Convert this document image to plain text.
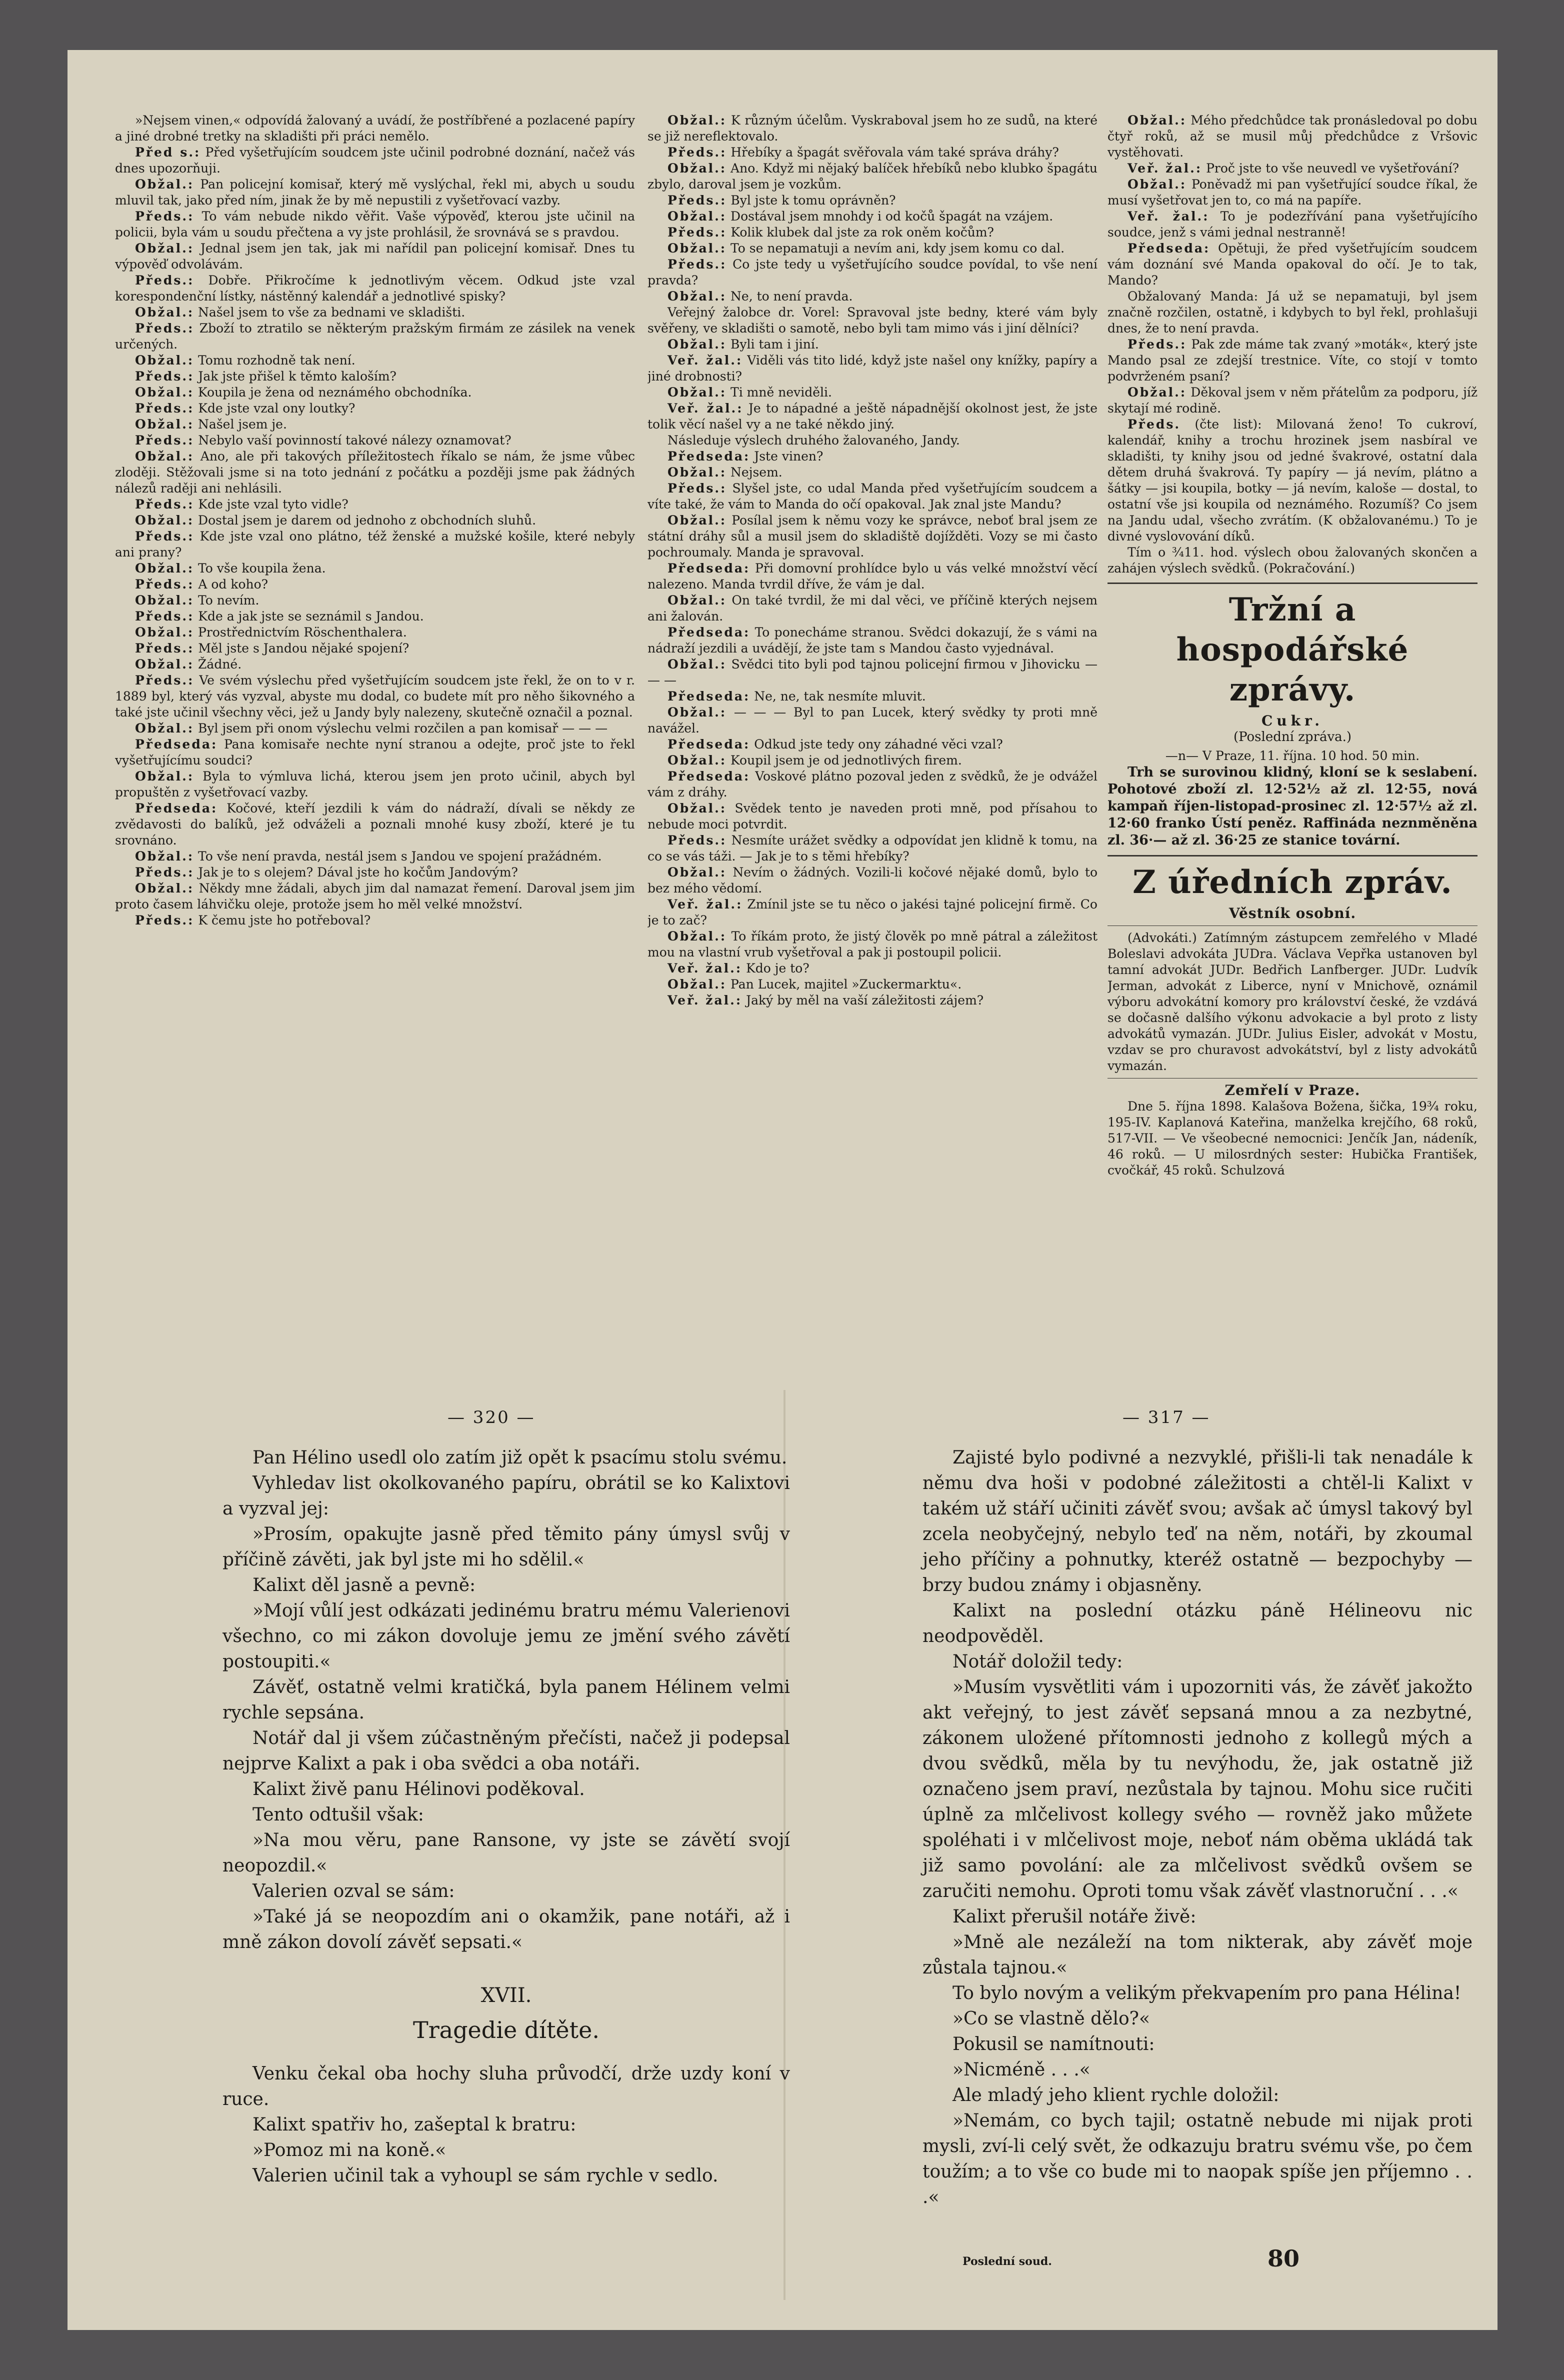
»Nejsem vinen,« odpovídá žalovaný a uvádí, že postříbřené a pozlacené papíry a jiné drobné tretky na skladišti při práci nemělo.

Před s.: Před vyšetřujícím soudcem jste učinil podrobné doznání, načež vás dnes upozorňuji.

Obžal.: Pan policejní komisař, který mě vyslýchal, řekl mi, abych u soudu mluvil tak, jako před ním, jinak že by mě nepustili z vyšetřovací vazby.

Předs.: To vám nebude nikdo věřit. Vaše výpověď, kterou jste učinil na policii, byla vám u soudu přečtena a vy jste prohlásil, že srovnává se s pravdou.

Obžal.: Jednal jsem jen tak, jak mi nařídil pan policejní komisař. Dnes tu výpověď odvolávám.

Předs.: Dobře. Přikročíme k jednotlivým věcem. Odkud jste vzal korespondenční lístky, nástěnný kalendář a jednotlivé spisky?

Obžal.: Našel jsem to vše za bednami ve skladišti.

Předs.: Zboží to ztratilo se některým pražským firmám ze zásilek na venek určených.

Obžal.: Tomu rozhodně tak není.

Předs.: Jak jste přišel k těmto kaloším?

Obžal.: Koupila je žena od neznámého obchodníka.

Předs.: Kde jste vzal ony loutky?

Obžal.: Našel jsem je.

Předs.: Nebylo vaší povinností takové nálezy oznamovat?

Obžal.: Ano, ale při takových příležitostech říkalo se nám, že jsme vůbec zloději. Stěžovali jsme si na toto jednání z počátku a později jsme pak žádných nálezů raději ani nehlásili.

Předs.: Kde jste vzal tyto vidle?

Obžal.: Dostal jsem je darem od jednoho z obchodních sluhů.

Předs.: Kde jste vzal ono plátno, též ženské a mužské košile, které nebyly ani prany?

Obžal.: To vše koupila žena.

Předs.: A od koho?

Obžal.: To nevím.

Předs.: Kde a jak jste se seznámil s Jandou.

Obžal.: Prostřednictvím Röschenthalera.

Předs.: Měl jste s Jandou nějaké spojení?

Obžal.: Žádné.

Předs.: Ve svém výslechu před vyšetřujícím soudcem jste řekl, že on to v r. 1889 byl, který vás vyzval, abyste mu dodal, co budete mít pro něho šikovného a také jste učinil všechny věci, jež u Jandy byly nalezeny, skutečně označil a poznal.

Obžal.: Byl jsem při onom výslechu velmi rozčilen a pan komisař — — —

Předseda: Pana komisaře nechte nyní stranou a odejte, proč jste to řekl vyšetřujícímu soudci?

Obžal.: Byla to výmluva lichá, kterou jsem jen proto učinil, abych byl propuštěn z vyšetřovací vazby.

Předseda: Kočové, kteří jezdili k vám do nádraží, dívali se někdy ze zvědavosti do balíků, jež odváželi a poznali mnohé kusy zboží, které je tu srovnáno.

Obžal.: To vše není pravda, nestál jsem s Jandou ve spojení pražádném.

Předs.: Jak je to s olejem? Dával jste ho kočům Jandovým?

Obžal.: Někdy mne žádali, abych jim dal namazat řemení. Daroval jsem jim proto časem láhvičku oleje, protože jsem ho měl velké množství.

Předs.: K čemu jste ho potřeboval?

Obžal.: K různým účelům. Vyskraboval jsem ho ze sudů, na které se již nereflektovalo.

Předs.: Hřebíky a špagát svěřovala vám také správa dráhy?

Obžal.: Ano. Když mi nějaký balíček hřebíků nebo klubko špagátu zbylo, daroval jsem je vozkům.

Předs.: Byl jste k tomu oprávněn?

Obžal.: Dostával jsem mnohdy i od kočů špagát na vzájem.

Předs.: Kolik klubek dal jste za rok oněm kočům?

Obžal.: To se nepamatuji a nevím ani, kdy jsem komu co dal.

Předs.: Co jste tedy u vyšetřujícího soudce povídal, to vše není pravda?

Obžal.: Ne, to není pravda.

Veřejný žalobce dr. Vorel: Spravoval jste bedny, které vám byly svěřeny, ve skladišti o samotě, nebo byli tam mimo vás i jiní dělníci?

Obžal.: Byli tam i jiní.

Veř. žal.: Viděli vás tito lidé, když jste našel ony knížky, papíry a jiné drobnosti?

Obžal.: Ti mně neviděli.

Veř. žal.: Je to nápadné a ještě nápadnější okolnost jest, že jste tolik věcí našel vy a ne také někdo jiný.

Následuje výslech druhého žalovaného, Jandy.

Předseda: Jste vinen?

Obžal.: Nejsem.

Předs.: Slyšel jste, co udal Manda před vyšetřujícím soudcem a víte také, že vám to Manda do očí opakoval. Jak znal jste Mandu?

Obžal.: Posílal jsem k němu vozy ke správce, neboť bral jsem ze státní dráhy sůl a musil jsem do skladiště dojížděti. Vozy se mi často pochroumaly. Manda je spravoval.

Předseda: Při domovní prohlídce bylo u vás velké množství věcí nalezeno. Manda tvrdil dříve, že vám je dal.

Obžal.: On také tvrdil, že mi dal věci, ve příčině kterých nejsem ani žalován.

Předseda: To ponecháme stranou. Svědci dokazují, že s vámi na nádraží jezdili a uvádějí, že jste tam s Mandou často vyjednával.

Obžal.: Svědci tito byli pod tajnou policejní firmou v Jihovicku — — —

Předseda: Ne, ne, tak nesmíte mluvit.

Obžal.: — — — Byl to pan Lucek, který svědky ty proti mně navážel.

Předseda: Odkud jste tedy ony záhadné věci vzal?

Obžal.: Koupil jsem je od jednotlivých firem.

Předseda: Voskové plátno pozoval jeden z svědků, že je odvážel vám z dráhy.

Obžal.: Svědek tento je naveden proti mně, pod přísahou to nebude moci potvrdit.

Předs.: Nesmíte urážet svědky a odpovídat jen klidně k tomu, na co se vás táži. — Jak je to s těmi hřebíky?

Obžal.: Nevím o žádných. Vozili-li kočové nějaké domů, bylo to bez mého vědomí.

Veř. žal.: Zmínil jste se tu něco o jakési tajné policejní firmě. Co je to zač?

Obžal.: To říkám proto, že jistý člověk po mně pátral a záležitost mou na vlastní vrub vyšetřoval a pak ji postoupil policii.

Veř. žal.: Kdo je to?

Obžal.: Pan Lucek, majitel »Zuckermarktu«.

Veř. žal.: Jaký by měl na vaší záležitosti zájem?

Obžal.: Mého předchůdce tak pronásledoval po dobu čtyř roků, až se musil můj předchůdce z Vršovic vystěhovati.

Veř. žal.: Proč jste to vše neuvedl ve vyšetřování?

Obžal.: Poněvadž mi pan vyšetřující soudce říkal, že musí vyšetřovat jen to, co má na papíře.

Veř. žal.: To je podezřívání pana vyšetřujícího soudce, jenž s vámi jednal nestranně!

Předseda: Opětuji, že před vyšetřujícím soudcem vám doznání své Manda opakoval do očí. Je to tak, Mando?

Obžalovaný Manda: Já už se nepamatuji, byl jsem značně rozčilen, ostatně, i kdybych to byl řekl, prohlašuji dnes, že to není pravda.

Předs.: Pak zde máme tak zvaný »moták«, který jste Mando psal ze zdejší trestnice. Víte, co stojí v tomto podvrženém psaní?

Obžal.: Děkoval jsem v něm přátelům za podporu, jíž skytají mé rodině.

Předs. (čte list): Milovaná ženo! To cukroví, kalendář, knihy a trochu hrozinek jsem nasbíral ve skladišti, ty knihy jsou od jedné švakrové, ostatní dala dětem druhá švakrová. Ty papíry — já nevím, plátno a šátky — jsi koupila, botky — já nevím, kaloše — dostal, to ostatní vše jsi koupila od neznámého. Rozumíš? Co jsem na Jandu udal, všecho zvrátím. (K obžalovanému.) To je divné vyslovování díků.

Tím o ¾11. hod. výslech obou žalovaných skončen a zahájen výslech svědků. (Pokračování.)

Tržní a hospodářské zprávy.
Cukr.
(Poslední zpráva.)

—n— V Praze, 11. října. 10 hod. 50 min.

Trh se surovinou klidný, kloní se k seslabení. Pohotové zboží zl. 12·52½ až zl. 12·55, nová kampaň říjen-listopad-prosinec zl. 12·57½ až zl. 12·60 franko Ústí peněz. Raffináda neznměněna zl. 36·— až zl. 36·25 ze stanice tovární.

Z úředních zpráv.
Věstník osobní.

(Advokáti.) Zatímným zástupcem zemřelého v Mladé Boleslavi advokáta JUDra. Václava Vepřka ustanoven byl tamní advokát JUDr. Bedřich Lanfberger. JUDr. Ludvík Jerman, advokát z Liberce, nyní v Mnichově, oznámil výboru advokátní komory pro království české, že vzdává se dočasně dalšího výkonu advokacie a byl proto z listy advokátů vymazán. JUDr. Julius Eisler, advokát v Mostu, vzdav se pro churavost advokátství, byl z listy advokátů vymazán.

Zemřelí v Praze.

Dne 5. října 1898. Kalašova Božena, šička, 19¾ roku, 195-IV. Kaplanová Kateřina, manželka krejčího, 68 roků, 517-VII. — Ve všeobecné nemocnici: Jenčík Jan, nádeník, 46 roků. — U milosrdných sester: Hubička František, cvočkář, 45 roků. Schulzová

— 320 —	— 317 —

Pan Hélino usedl olo zatím již opět k psacímu stolu svému.

Vyhledav list okolkovaného papíru, obrátil se ko Kalixtovi a vyzval jej:

»Prosím, opakujte jasně před těmito pány úmysl svůj v příčině závěti, jak byl jste mi ho sdělil.«

Kalixt děl jasně a pevně:

»Mojí vůlí jest odkázati jedinému bratru mému Valerienovi všechno, co mi zákon dovoluje jemu ze jmění svého závětí postoupiti.«

Závěť, ostatně velmi kratičká, byla panem Hélinem velmi rychle sepsána.

Notář dal ji všem zúčastněným přečísti, načež ji podepsal nejprve Kalixt a pak i oba svědci a oba notáři.

Kalixt živě panu Hélinovi poděkoval.

Tento odtušil však:

»Na mou věru, pane Ransone, vy jste se závětí svojí neopozdil.«

Valerien ozval se sám:

»Také já se neopozdím ani o okamžik, pane notáři, až i mně zákon dovolí závěť sepsati.«

XVII.

Tragedie dítěte.

Venku čekal oba hochy sluha průvodčí, drže uzdy koní v ruce.

Kalixt spatřiv ho, zašeptal k bratru:

»Pomoz mi na koně.«

Valerien učinil tak a vyhoupl se sám rychle v sedlo.

Zajisté bylo podivné a nezvyklé, přišli-li tak nenadále k němu dva hoši v podobné záležitosti a chtěl-li Kalixt v takém už stáří učiniti závěť svou; avšak ač úmysl takový byl zcela neobyčejný, nebylo teď na něm, notáři, by zkoumal jeho příčiny a pohnutky, kteréž ostatně — bezpochyby — brzy budou známy i objasněny.

Kalixt na poslední otázku páně Hélineovu nic neodpověděl.

Notář doložil tedy:

»Musím vysvětliti vám i upozorniti vás, že závěť jakožto akt veřejný, to jest závěť sepsaná mnou a za nezbytné, zákonem uložené přítomnosti jednoho z kollegů mých a dvou svědků, měla by tu nevýhodu, že, jak ostatně již označeno jsem praví, nezůstala by tajnou. Mohu sice ručiti úplně za mlčelivost kollegy svého — rovněž jako můžete spoléhati i v mlčelivost moje, neboť nám oběma ukládá tak již samo povolání: ale za mlčelivost svědků ovšem se zaručiti nemohu. Oproti tomu však závěť vlastnoruční . . .«

Kalixt přerušil notáře živě:

»Mně ale nezáleží na tom nikterak, aby závěť moje zůstala tajnou.«

To bylo novým a velikým překvapením pro pana Hélina!

»Co se vlastně dělo?«

Pokusil se namítnouti:

»Nicméně . . .«

Ale mladý jeho klient rychle doložil:

»Nemám, co bych tajil; ostatně nebude mi nijak proti mysli, zví-li celý svět, že odkazuju bratru svému vše, po čem toužím; a to vše co bude mi to naopak spíše jen příjemno . . .«

Poslední soud.	80
